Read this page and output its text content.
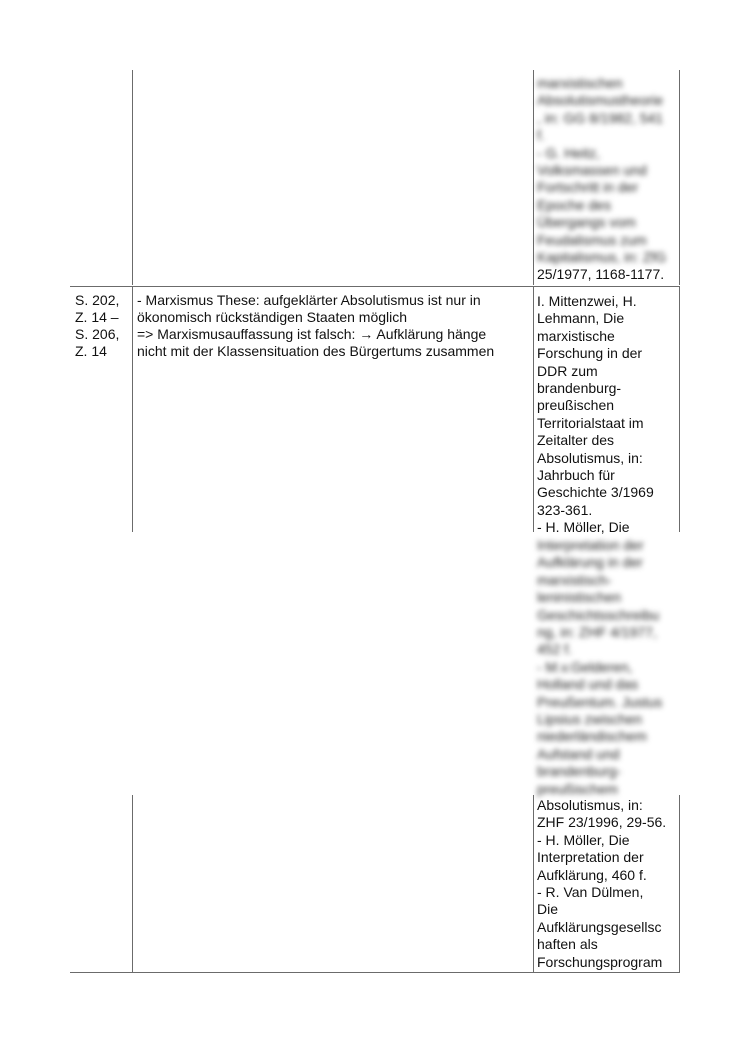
marxistischen
Absolutismustheorie
, in: GG 8/1982, 541
f.
- G. Heitz,
Volksmassen und
Fortschritt in der
Epoche des
Übergangs vom
Feudalismus zum
Kapitalismus, in: ZfG
25/1977, 1168-1177.
S. 202,
Z. 14 –
S. 206,
Z. 14
- Marxismus These: aufgeklärter Absolutismus ist nur in
ökonomisch rückständigen Staaten möglich
=> Marxismusauffassung ist falsch: → Aufklärung hänge
nicht mit der Klassensituation des Bürgertums zusammen
I. Mittenzwei, H.
Lehmann, Die
marxistische
Forschung in der
DDR zum
brandenburg-
preußischen
Territorialstaat im
Zeitalter des
Absolutismus, in:
Jahrbuch für
Geschichte 3/1969
323-361.
- H. Möller, Die
Interpretation der
Aufklärung in der
marxistisch-
leninistischen
Geschichtsschreibu
ng, in: ZHF 4/1977,
452 f.
- M.v.Gelderen,
Holland und das
Preußentum. Justus
Lipsius zwischen
niederländischem
Aufstand und
brandenburg-
preußischem
Absolutismus, in:
ZHF 23/1996, 29-56.
- H. Möller, Die
Interpretation der
Aufklärung, 460 f.
- R. Van Dülmen,
Die
Aufklärungsgesellsc
haften als
Forschungsprogram
